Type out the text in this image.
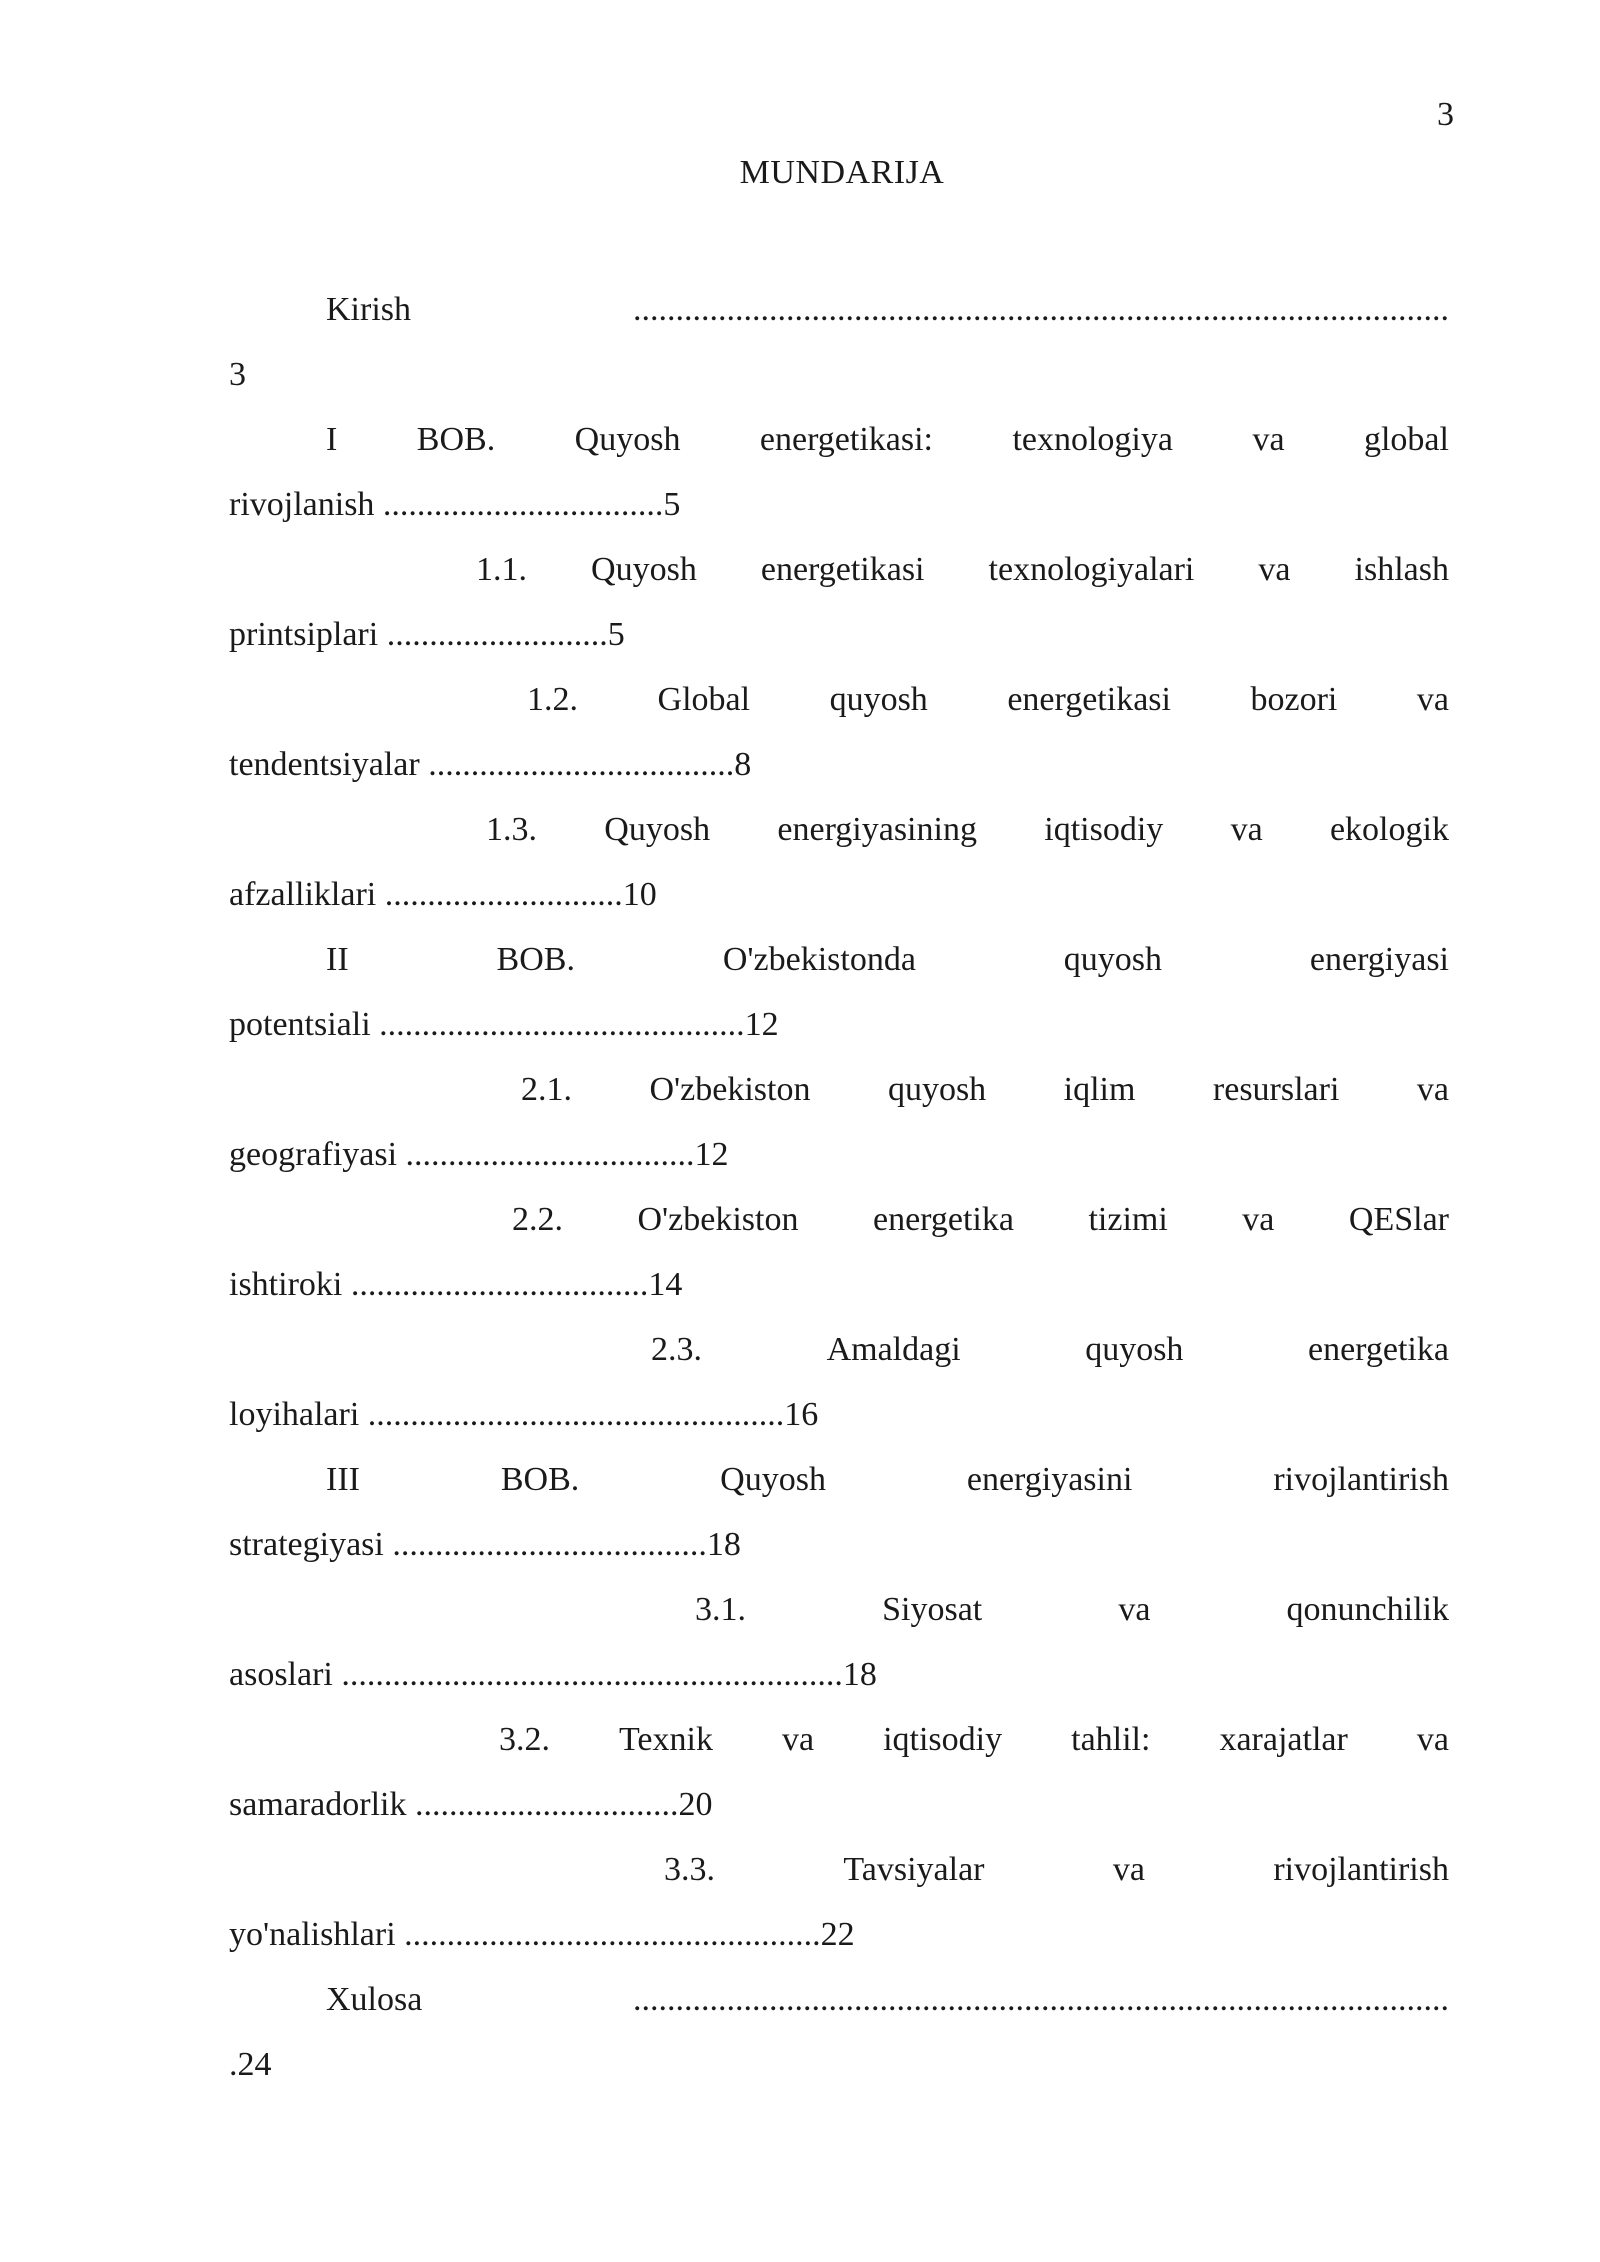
3
MUNDARIJA
Kirish	................................................................................................
3
I BOB. Quyosh energetikasi: texnologiya va global
rivojlanish .................................5
1.1. Quyosh energetikasi texnologiyalari va ishlash
printsiplari ..........................5
1.2. Global quyosh energetikasi bozori va
tendentsiyalar ....................................8
1.3. Quyosh energiyasining iqtisodiy va ekologik
afzalliklari ............................10
II	BOB.	O'zbekistonda	quyosh	energiyasi
potentsiali ...........................................12
2.1. O'zbekiston quyosh iqlim resurslari va
geografiyasi ..................................12
2.2. O'zbekiston energetika tizimi va QESlar
ishtiroki ...................................14
2.3.	Amaldagi	quyosh	energetika
loyihalari .................................................16
III	BOB.	Quyosh	energiyasini	rivojlantirish
strategiyasi .....................................18
3.1.	Siyosat	va	qonunchilik
asoslari ...........................................................18
3.2. Texnik va iqtisodiy tahlil: xarajatlar va
samaradorlik ...............................20
3.3.	Tavsiyalar	va	rivojlantirish
yo'nalishlari .................................................22
Xulosa	................................................................................................
.24
